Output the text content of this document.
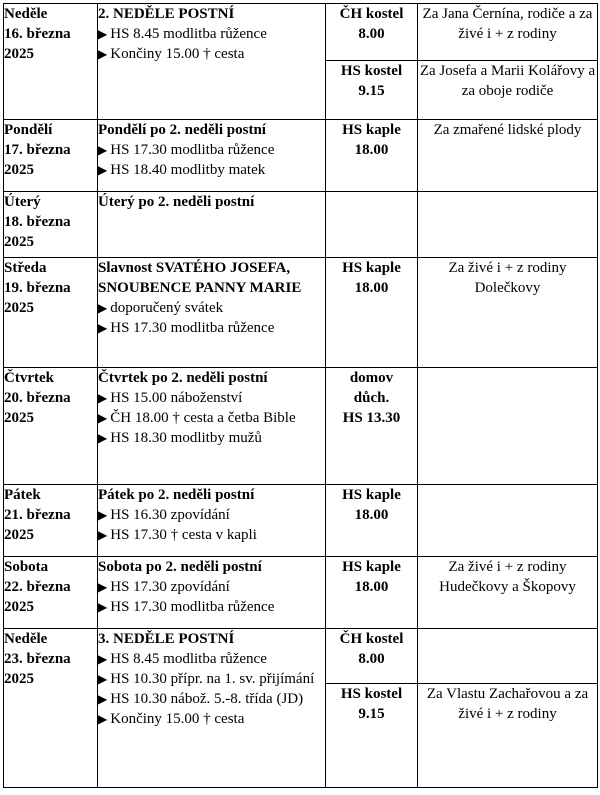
Neděle
16. března
2025	2. NEDĚLE POSTNÍ
▶ HS 8.45 modlitba růžence
▶ Končiny 15.00 † cesta	ČH kostel
8.00	Za Jana Černína, rodiče a za živé i + z rodiny

		HS kostel
9.15	Za Josefa a Marii Kolářovy a za oboje rodiče

Pondělí
17. března
2025	Pondělí po 2. neděli postní
▶ HS 17.30 modlitba růžence
▶ HS 18.40 modlitby matek	HS kaple
18.00	Za zmařené lidské plody

Úterý
18. března
2025	Úterý po 2. neděli postní		

Středa
19. března
2025	Slavnost SVATÉHO JOSEFA, SNOUBENCE PANNY MARIE
▶ doporučený svátek
▶ HS 17.30 modlitba růžence	HS kaple
18.00	Za živé i + z rodiny Dolečkovy

Čtvrtek
20. března
2025	Čtvrtek po 2. neděli postní
▶ HS 15.00 náboženství
▶ ČH 18.00 † cesta a četba Bible
▶ HS 18.30 modlitby mužů	domov
důch.
HS 13.30	

Pátek
21. března
2025	Pátek po 2. neděli postní
▶ HS 16.30 zpovídání
▶ HS 17.30 † cesta v kapli	HS kaple
18.00	

Sobota
22. března
2025	Sobota po 2. neděli postní
▶ HS 17.30 zpovídání
▶ HS 17.30 modlitba růžence	HS kaple
18.00	Za živé i + z rodiny Hudečkovy a Škopovy

Neděle
23. března
2025	3. NEDĚLE POSTNÍ
▶ HS 8.45 modlitba růžence
▶ HS 10.30 přípr. na 1. sv. přijímání
▶ HS 10.30 nábož. 5.-8. třída (JD)
▶ Končiny 15.00 † cesta	ČH kostel
8.00	

		HS kostel
9.15	Za Vlastu Zachařovou a za živé i + z rodiny
